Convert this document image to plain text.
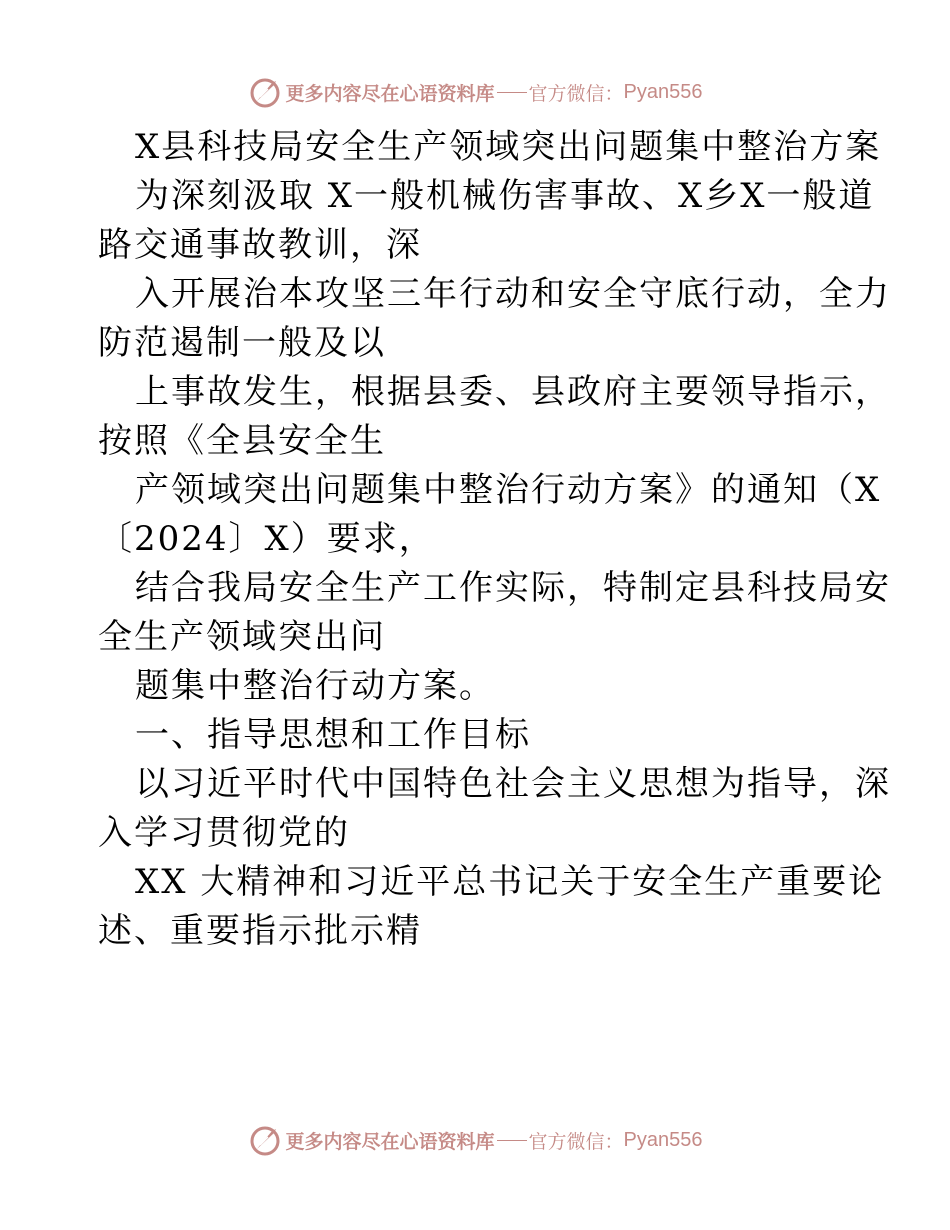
更多内容尽在心语资料库 官方微信： Pyan556
X县科技局安全生产领域突出问题集中整治方案
为深刻汲取 X一般机械伤害事故、X乡X一般道
路交通事故教训，深
入开展治本攻坚三年行动和安全守底行动，全力
防范遏制一般及以
上事故发生，根据县委、县政府主要领导指示，
按照《全县安全生
产领域突出问题集中整治行动方案》的通知（X
〔2024〕X）要求，
结合我局安全生产工作实际，特制定县科技局安
全生产领域突出问
题集中整治行动方案。
一、指导思想和工作目标
以习近平时代中国特色社会主义思想为指导，深
入学习贯彻党的
XX 大精神和习近平总书记关于安全生产重要论
述、重要指示批示精
更多内容尽在心语资料库 官方微信： Pyan556
